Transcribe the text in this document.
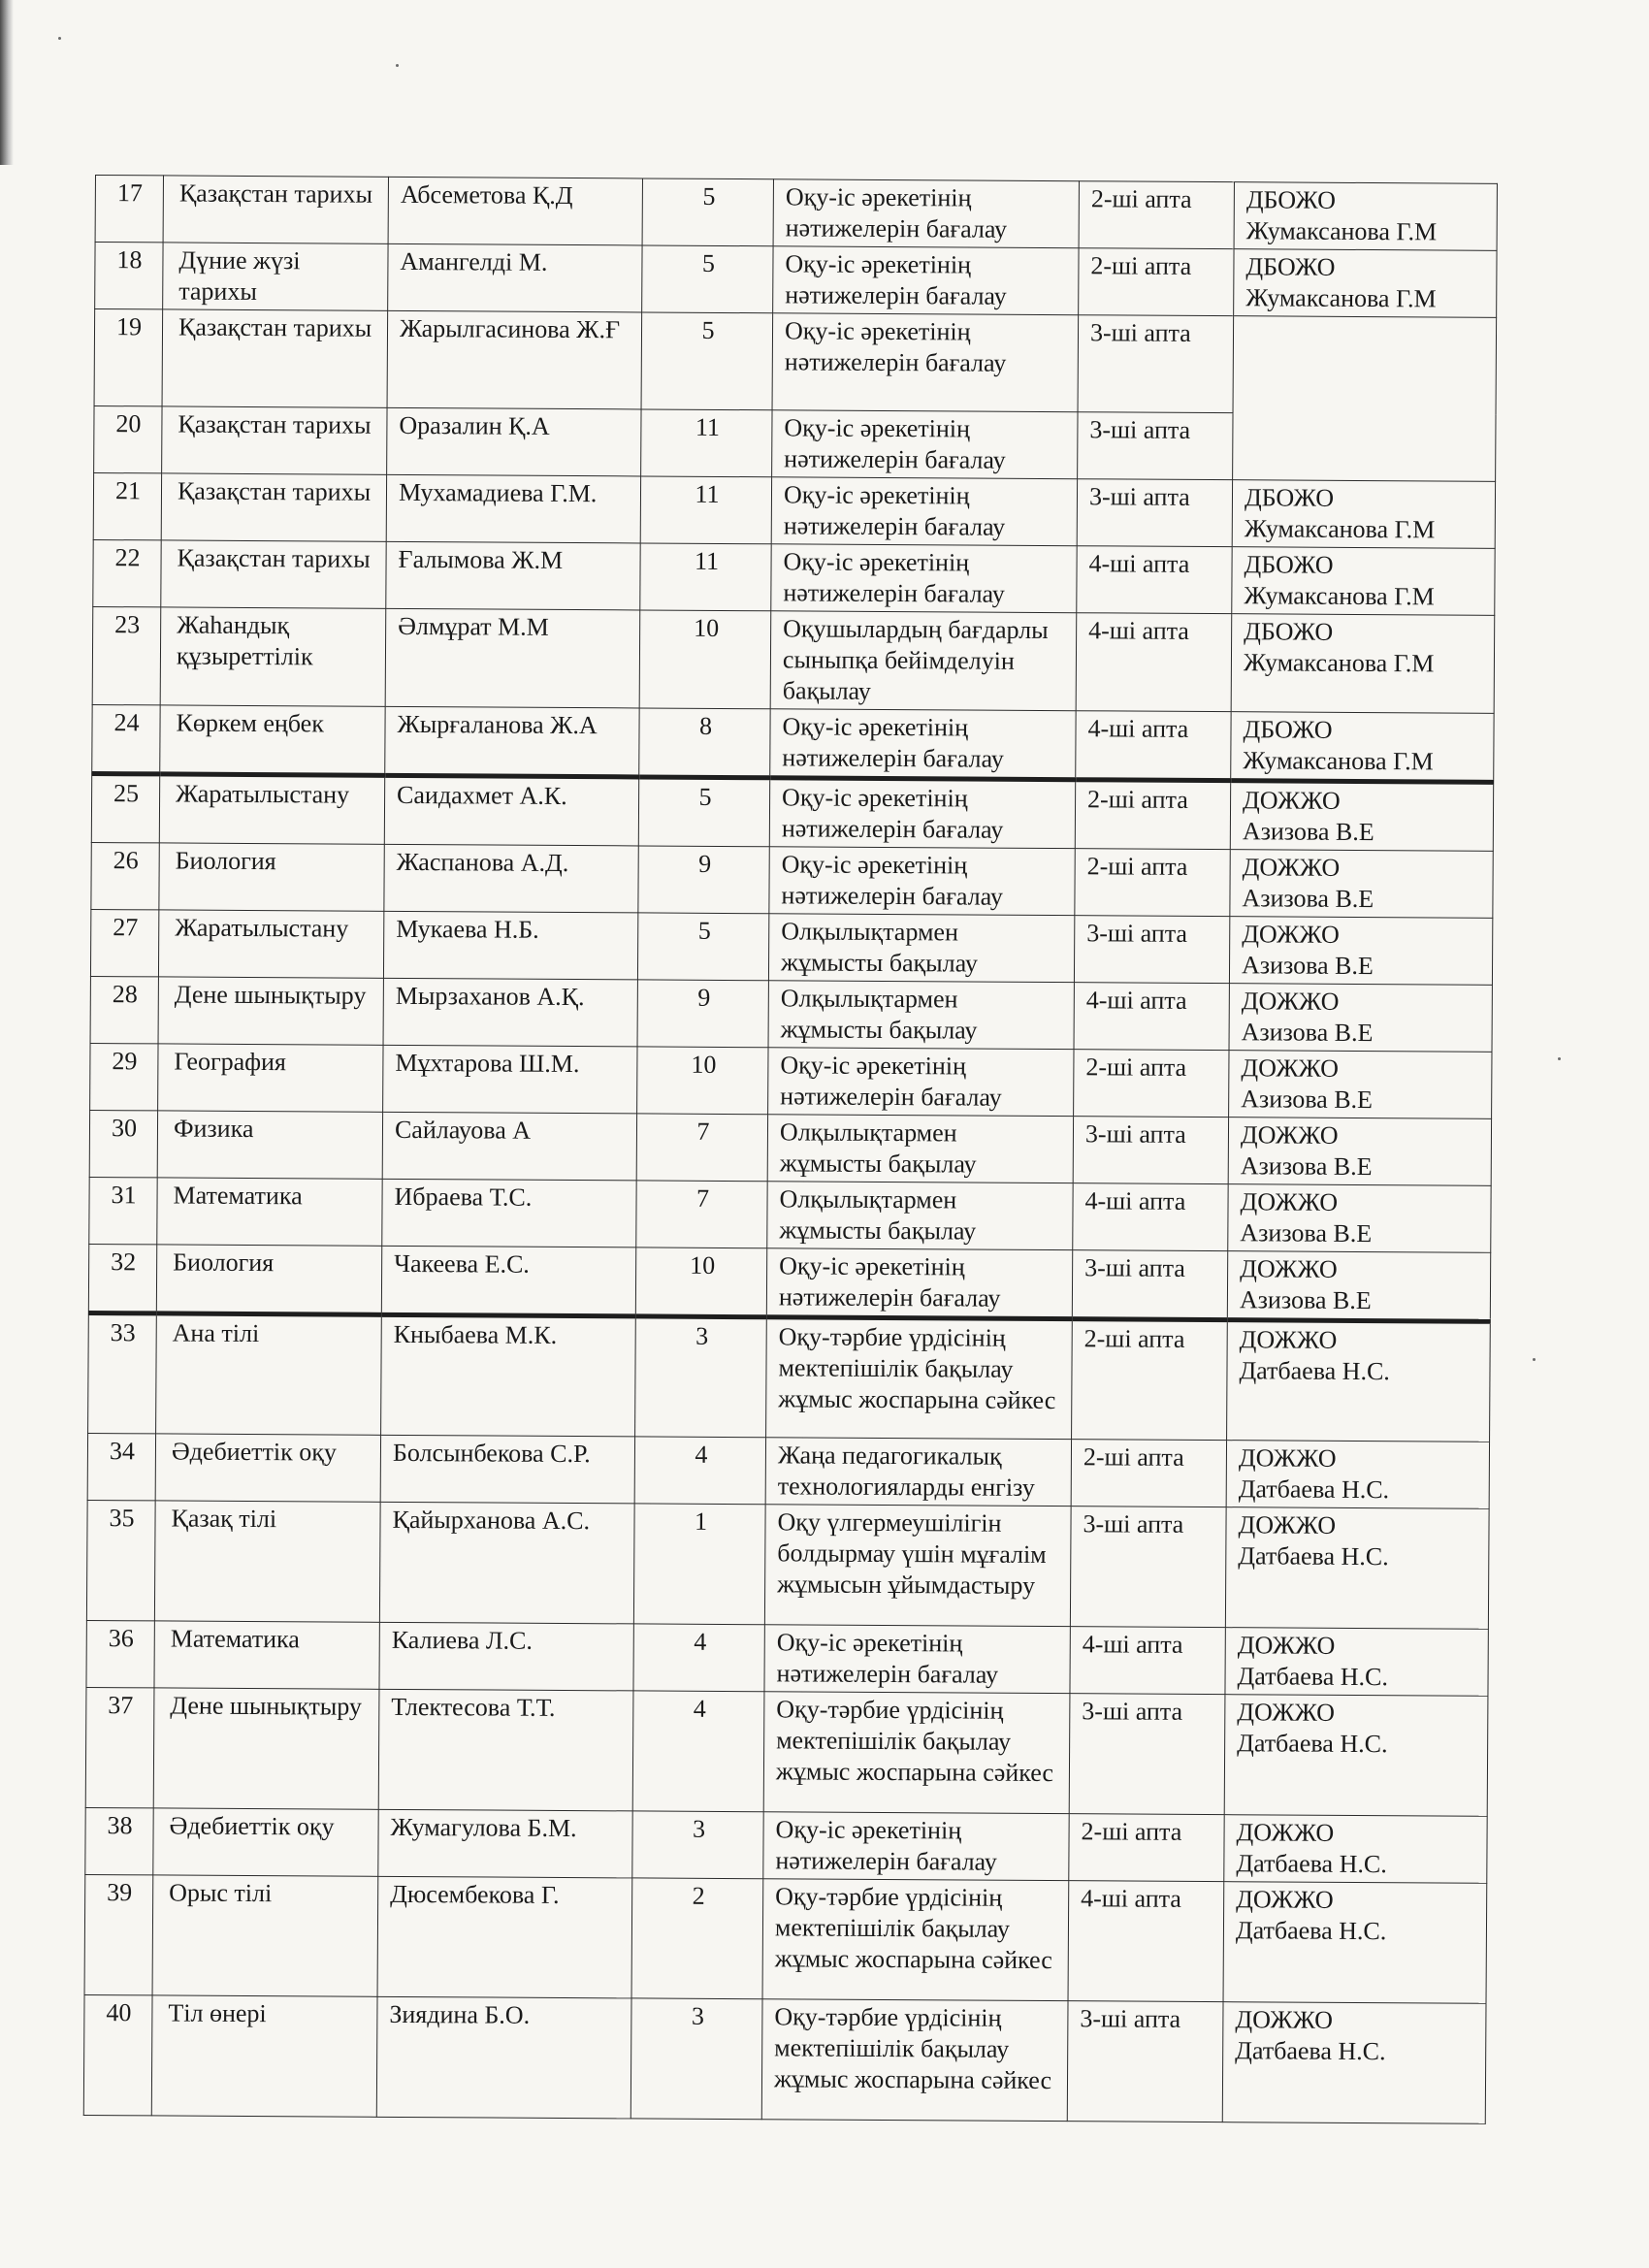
17	Қазақстан тарихы	Абсеметова Қ.Д	5	Оқу-іс әрекетінің нәтижелерін бағалау	2-ші апта	ДБОЖО
Жумаксанова Г.М

18	Дүние жүзі тарихы	Амангелді М.	5	Оқу-іс әрекетінің нәтижелерін бағалау	2-ші апта	ДБОЖО
Жумаксанова Г.М

19	Қазақстан тарихы	Жарылгасинова Ж.Ғ	5	Оқу-іс әрекетінің нәтижелерін бағалау	3-ші апта	
20	Қазақстан тарихы	Оразалин Қ.А	11	Оқу-іс әрекетінің нәтижелерін бағалау	3-ші апта	
21	Қазақстан тарихы	Мухамадиева Г.М.	11	Оқу-іс әрекетінің нәтижелерін бағалау	3-ші апта	ДБОЖО
Жумаксанова Г.М

22	Қазақстан тарихы	Ғалымова Ж.М	11	Оқу-іс әрекетінің нәтижелерін бағалау	4-ші апта	ДБОЖО
Жумаксанова Г.М

23	Жаһандық құзыреттілік	Әлмұрат М.М	10	Оқушылардың бағдарлы сыныпқа бейімделуін бақылау	4-ші апта	ДБОЖО
Жумаксанова Г.М

24	Көркем еңбек	Жырғаланова Ж.А	8	Оқу-іс әрекетінің нәтижелерін бағалау	4-ші апта	ДБОЖО
Жумаксанова Г.М

25	Жаратылыстану	Саидахмет А.К.	5	Оқу-іс әрекетінің нәтижелерін бағалау	2-ші апта	ДОЖЖО
Азизова В.Е

26	Биология	Жаспанова А.Д.	9	Оқу-іс әрекетінің нәтижелерін бағалау	2-ші апта	ДОЖЖО
Азизова В.Е

27	Жаратылыстану	Мукаева Н.Б.	5	Олқылықтармен жұмысты бақылау	3-ші апта	ДОЖЖО
Азизова В.Е

28	Дене шынықтыру	Мырзаханов А.Қ.	9	Олқылықтармен жұмысты бақылау	4-ші апта	ДОЖЖО
Азизова В.Е

29	География	Мұхтарова Ш.М.	10	Оқу-іс әрекетінің нәтижелерін бағалау	2-ші апта	ДОЖЖО
Азизова В.Е

30	Физика	Сайлауова А	7	Олқылықтармен жұмысты бақылау	3-ші апта	ДОЖЖО
Азизова В.Е

31	Математика	Ибраева Т.С.	7	Олқылықтармен жұмысты бақылау	4-ші апта	ДОЖЖО
Азизова В.Е

32	Биология	Чакеева Е.С.	10	Оқу-іс әрекетінің нәтижелерін бағалау	3-ші апта	ДОЖЖО
Азизова В.Е

33	Ана тілі	Кныбаева М.К.	3	Оқу-тәрбие үрдісінің мектепішілік бақылау жұмыс жоспарына сәйкес	2-ші апта	ДОЖЖО
Датбаева Н.С.

34	Әдебиеттік оқу	Болсынбекова С.Р.	4	Жаңа педагогикалық технологияларды енгізу	2-ші апта	ДОЖЖО
Датбаева Н.С.

35	Қазақ тілі	Қайырханова А.С.	1	Оқу үлгермеушілігін болдырмау үшін мұғалім жұмысын ұйымдастыру	3-ші апта	ДОЖЖО
Датбаева Н.С.

36	Математика	Калиева Л.С.	4	Оқу-іс әрекетінің нәтижелерін бағалау	4-ші апта	ДОЖЖО
Датбаева Н.С.

37	Дене шынықтыру	Тлектесова Т.Т.	4	Оқу-тәрбие үрдісінің мектепішілік бақылау жұмыс жоспарына сәйкес	3-ші апта	ДОЖЖО
Датбаева Н.С.

38	Әдебиеттік оқу	Жумагулова Б.М.	3	Оқу-іс әрекетінің нәтижелерін бағалау	2-ші апта	ДОЖЖО
Датбаева Н.С.

39	Орыс тілі	Дюсембекова Г.	2	Оқу-тәрбие үрдісінің мектепішілік бақылау жұмыс жоспарына сәйкес	4-ші апта	ДОЖЖО
Датбаева Н.С.

40	Тіл өнері	Зиядина Б.О.	3	Оқу-тәрбие үрдісінің мектепішілік бақылау жұмыс жоспарына сәйкес	3-ші апта	ДОЖЖО
Датбаева Н.С.
